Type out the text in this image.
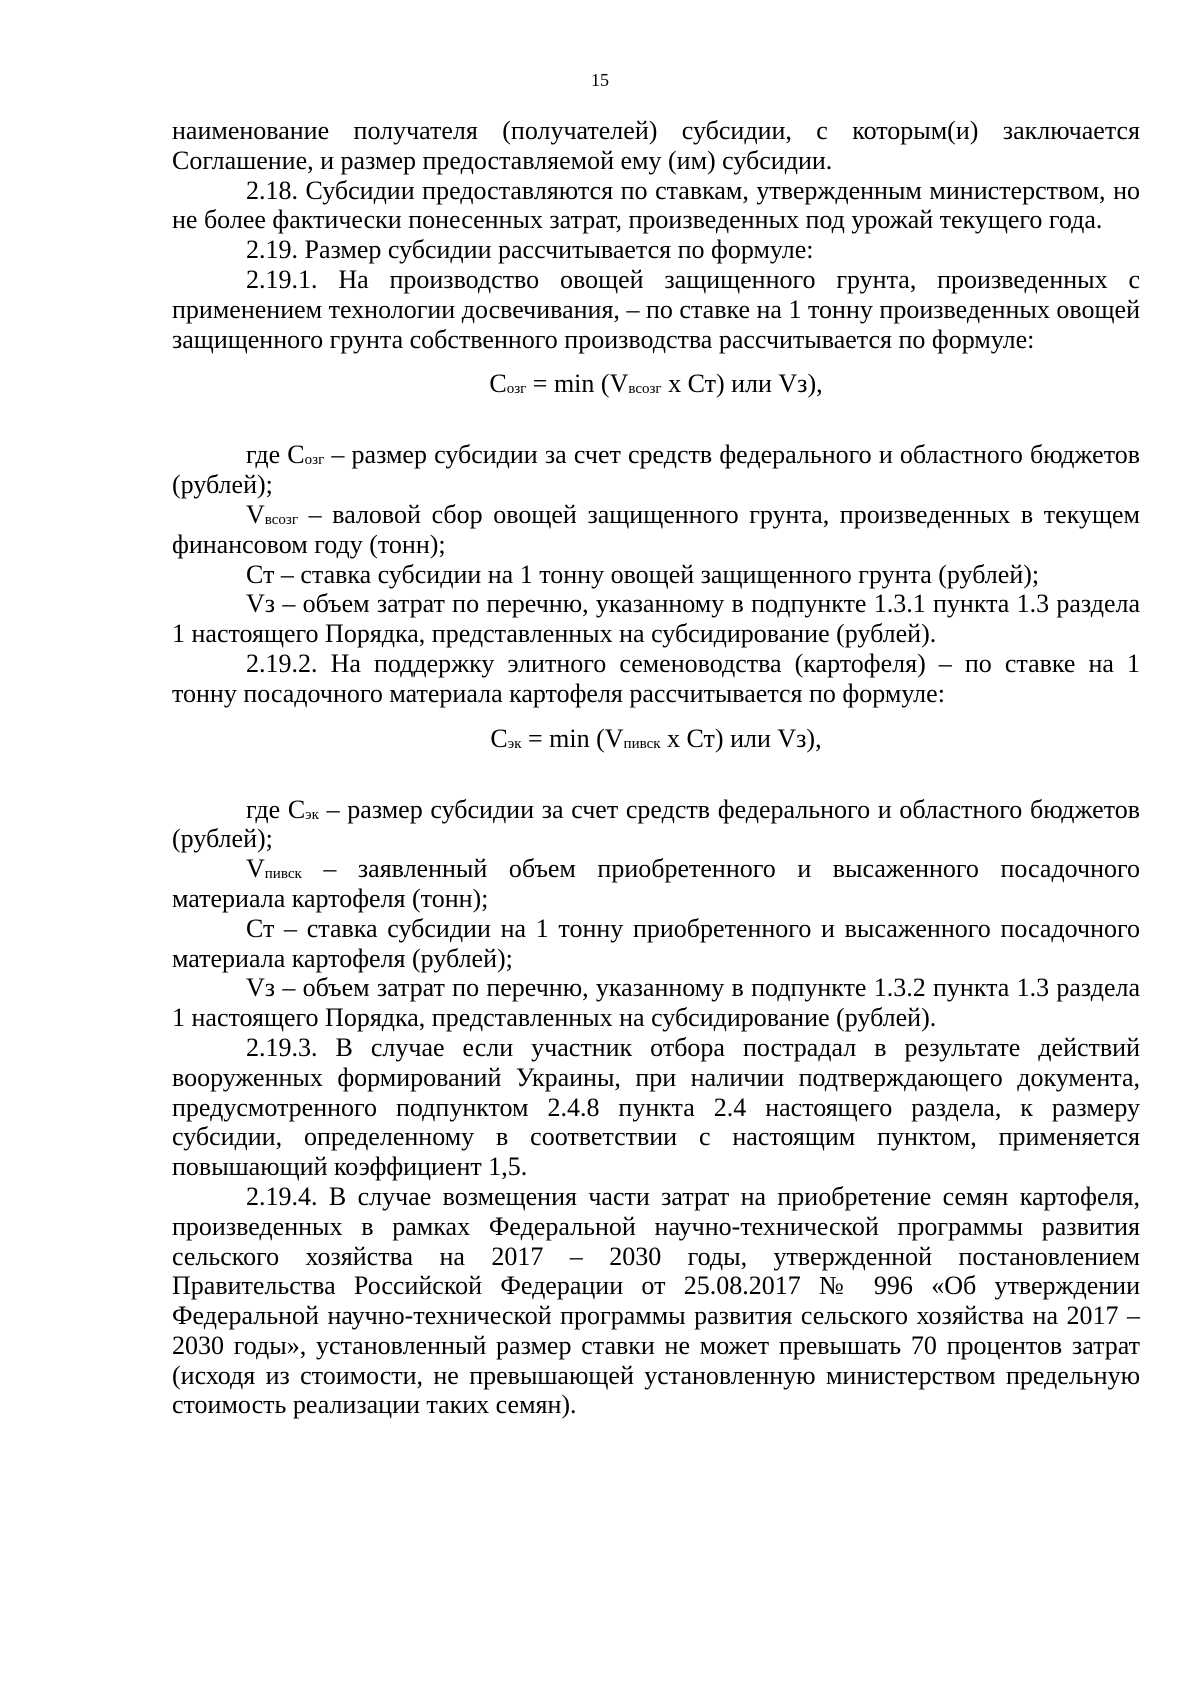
15

наименование получателя (получателей) субсидии, с которым(и) заключается Соглашение, и размер предоставляемой ему (им) субсидии.

2.18. Субсидии предоставляются по ставкам, утвержденным министерством, но не более фактически понесенных затрат, произведенных под урожай текущего года.

2.19. Размер субсидии рассчитывается по формуле:

2.19.1. На производство овощей защищенного грунта, произведенных с применением технологии досвечивания, – по ставке на 1 тонну произведенных овощей защищенного грунта собственного производства рассчитывается по формуле:

Созг = min (Vвсозг x Ст) или Vз),

где Созг – размер субсидии за счет средств федерального и областного бюджетов (рублей);

Vвсозг – валовой сбор овощей защищенного грунта, произведенных в текущем финансовом году (тонн);

Ст – ставка субсидии на 1 тонну овощей защищенного грунта (рублей);

Vз – объем затрат по перечню, указанному в подпункте 1.3.1 пункта 1.3 раздела 1 настоящего Порядка, представленных на субсидирование (рублей).

2.19.2. На поддержку элитного семеноводства (картофеля) – по ставке на 1 тонну посадочного материала картофеля рассчитывается по формуле:

Сэк = min (Vпивск x Ст) или Vз),

где Сэк – размер субсидии за счет средств федерального и областного бюджетов (рублей);

Vпивск – заявленный объем приобретенного и высаженного посадочного материала картофеля (тонн);

Ст – ставка субсидии на 1 тонну приобретенного и высаженного посадочного материала картофеля (рублей);

Vз – объем затрат по перечню, указанному в подпункте 1.3.2 пункта 1.3 раздела 1 настоящего Порядка, представленных на субсидирование (рублей).

2.19.3. В случае если участник отбора пострадал в результате действий вооруженных формирований Украины, при наличии подтверждающего документа, предусмотренного подпунктом 2.4.8 пункта 2.4 настоящего раздела, к размеру субсидии, определенному в соответствии с настоящим пунктом, применяется повышающий коэффициент 1,5.

2.19.4. В случае возмещения части затрат на приобретение семян картофеля, произведенных в рамках Федеральной научно-технической программы развития сельского хозяйства на 2017 – 2030 годы, утвержденной постановлением Правительства Российской Федерации от 25.08.2017 № 996 «Об утверждении Федеральной научно-технической программы развития сельского хозяйства на 2017 – 2030 годы», установленный размер ставки не может превышать 70 процентов затрат (исходя из стоимости, не превышающей установленную министерством предельную стоимость реализации таких семян).
